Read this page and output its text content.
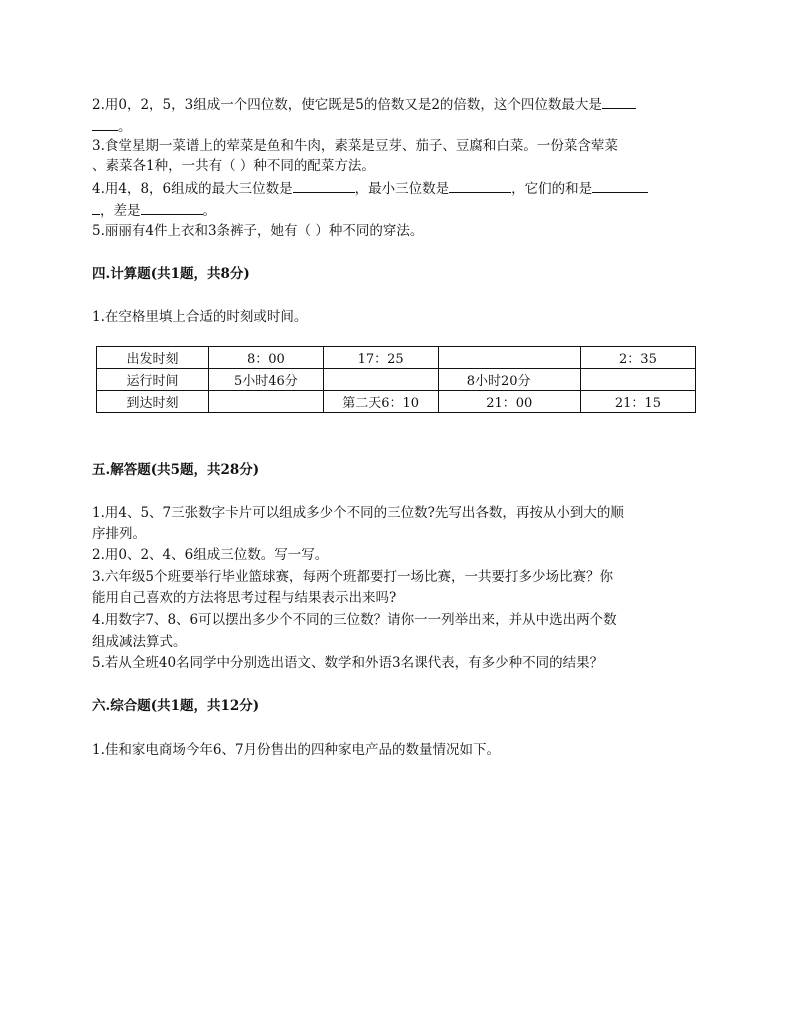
2.用0，2，5，3组成一个四位数，使它既是5的倍数又是2的倍数，这个四位数最大是
。
3.食堂星期一菜谱上的荤菜是鱼和牛肉，素菜是豆芽、茄子、豆腐和白菜。一份菜含荤菜
、素菜各1种，一共有（ ）种不同的配菜方法。
4.用4，8，6组成的最大三位数是	，最小三位数是	，它们的和是
，差是	。
5.丽丽有4件上衣和3条裤子，她有（ ）种不同的穿法。
四.计算题(共1题，共8分)
1.在空格里填上合适的时刻或时间。
出发时刻	8：00	17：25		2：35
运行时间	5小时46分		8小时20分	
到达时刻		第二天6：10	21：00	21：15
五.解答题(共5题，共28分)
1.用4、5、7三张数字卡片可以组成多少个不同的三位数?先写出各数，再按从小到大的顺
序排列。
2.用0、2、4、6组成三位数。写一写。
3.六年级5个班要举行毕业篮球赛，每两个班都要打一场比赛，一共要打多少场比赛？你
能用自己喜欢的方法将思考过程与结果表示出来吗?
4.用数字7、8、6可以摆出多少个不同的三位数？请你一一列举出来，并从中选出两个数
组成减法算式。
5.若从全班40名同学中分别选出语文、数学和外语3名课代表，有多少种不同的结果？
六.综合题(共1题，共12分)
1.佳和家电商场今年6、7月份售出的四种家电产品的数量情况如下。
